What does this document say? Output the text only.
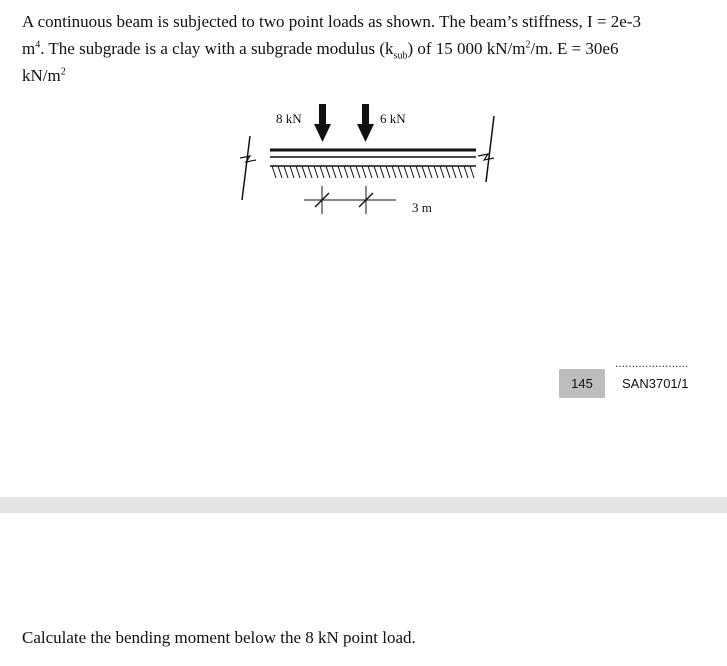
A continuous beam is subjected to two point loads as shown. The beam’s stiffness, I = 2e-3
$m^4$. The subgrade is a clay with a subgrade modulus $(k_{sub})$ of 15 000 $kN/m^2/m$. E = 30e6
$kN/m^2$
8 kN	6 kN
3 m
......................
145	SAN3701/1
Calculate the bending moment below the 8 kN point load.
